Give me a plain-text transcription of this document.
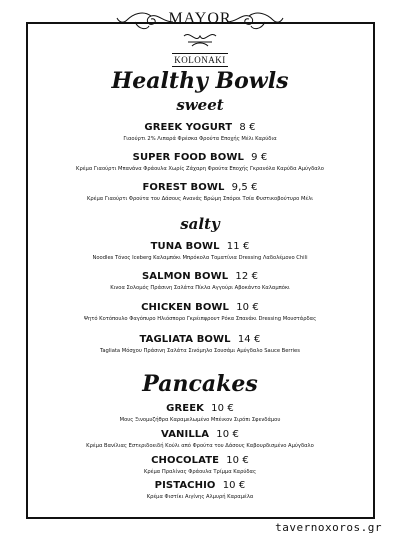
MAYOR
KOLONAKI
Healthy Bowls
sweet
GREEK YOGURT 8 €
Γιαούρτι 2% Λιπαρά Φρέσκα Φρούτα Εποχής Μέλι Καρύδια
SUPER FOOD BOWL 9 €
Κρέμα Γιαούρτι Μπανάνα Φράουλα Χωρίς Ζάχαρη Φρούτα Εποχής Γκρανόλα Καρύδα Αμύγδαλο
FOREST BOWL 9,5 €
Κρέμα Γιαούρτι Φρούτα του Δάσους Ανανάς Βρώμη Σπόροι Τσία Φυστικοβούτυρο Μέλι
salty
TUNA BOWL 11 €
Noodles Τόνος Iceberg Καλαμπόκι Μπρόκολα Τοματίνια Dressing Λαδολέμονο Chili
SALMON BOWL 12 €
Κινοα Σολομός Πράσινη Σαλάτα Πίκλα Αγγούρι Αβοκάντο Καλαμπόκι
CHICKEN BOWL 10 €
Ψητό Κοτόπουλο Φαγόπυρο Ηλιόσπορο Γκρέιπφρουτ Ρόκα Σπανάκι Dressing Μουστάρδας
TAGLIATA BOWL 14 €
Tagliata Μόσχου Πράσινη Σαλάτα Σινόμηλο Σουσάμι Αμύγδαλο Sauce Berries
Pancakes
GREEK 10 €
Μους Ξινομυζήθρα Καραμελωμένο Μπέικον Σιρόπι Σφενδάμου
VANILLA 10 €
Κρέμα Βανίλιας Εστεριδοειδή Κούλι από Φρούτα του Δάσους Καβουρδισμένο Αμύγδαλο
CHOCOLATE 10 €
Κρέμα Πραλίνας Φράουλα Τρίμμα Καρύδας
PISTACHIO 10 €
Κρέμα Φιστίκι Αιγίνης Αλμυρή Καραμέλα
tavernoxoros.gr
